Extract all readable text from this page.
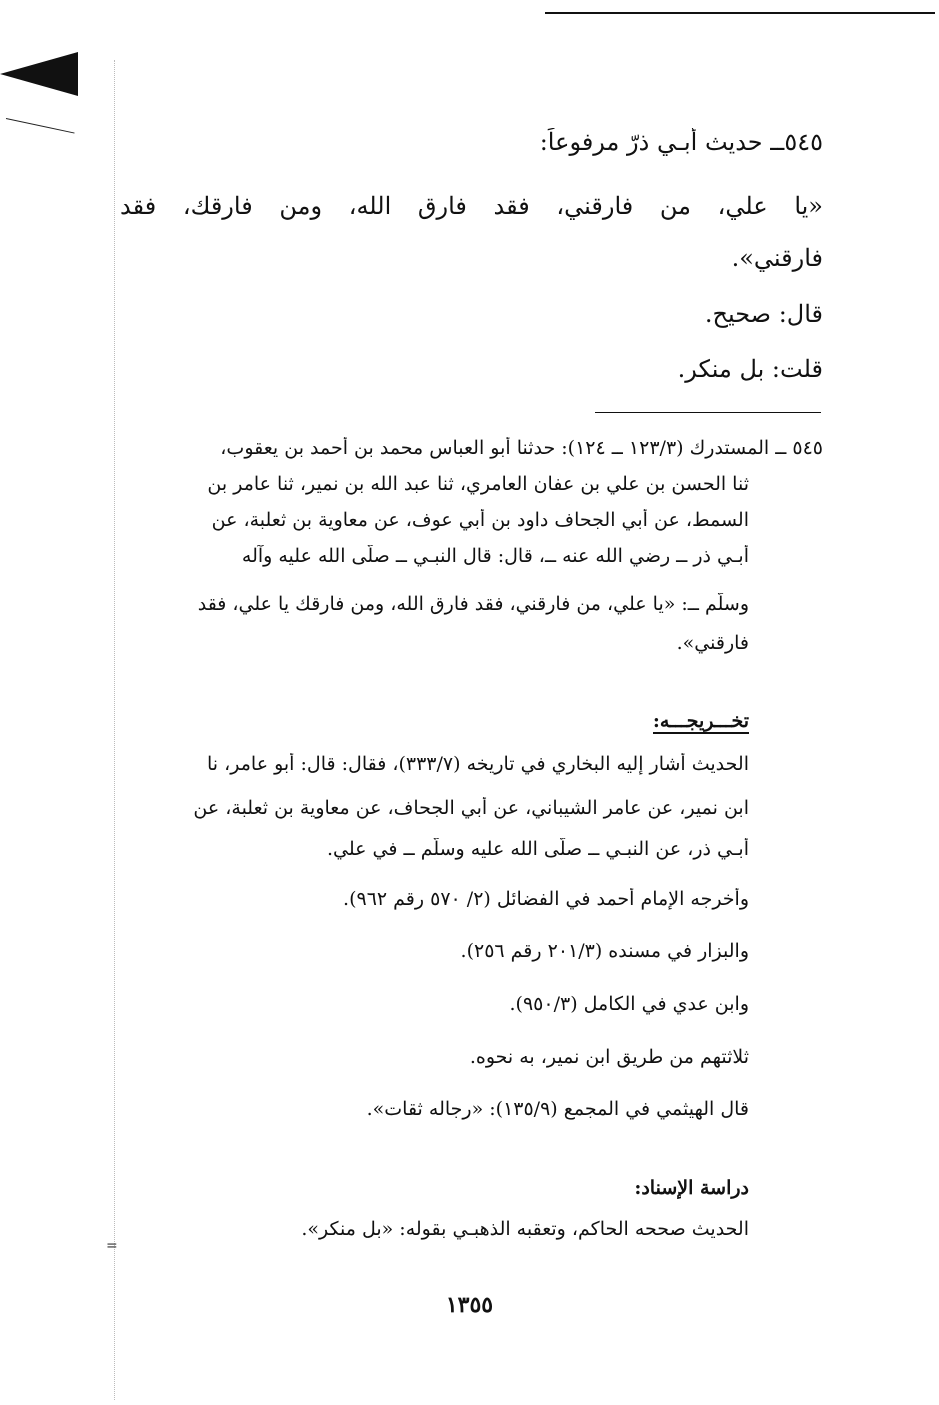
=
٥٤٥ــ حديث أبـي ذرّ مرفوعاً:
«يا علي، من فارقني، فقد فارق الله، ومن فارقك، فقد
فارقني».
قال: صحيح.
قلت: بل منكر.
٥٤٥ ــ المستدرك (١٢٣/٣ ــ ١٢٤): حدثنا أبو العباس محمد بن أحمد بن يعقوب،
ثنا الحسن بن علي بن عفان العامري، ثنا عبد الله بن نمير، ثنا عامر بن
السمط، عن أبي الجحاف داود بن أبي عوف، عن معاوية بن ثعلبة، عن
أبـي ذر ــ رضي الله عنه ــ، قال: قال النبـي ــ صلَّى الله عليه وآله
وسلَّم ــ: «يا علي، من فارقني، فقد فارق الله، ومن فارقك يا علي، فقد
فارقني».
تخـــريجـــه:
الحديث أشار إليه البخاري في تاريخه (٣٣٣/٧)، فقال: قال: أبو عامر، نا
ابن نمير، عن عامر الشيباني، عن أبي الجحاف، عن معاوية بن ثعلبة، عن
أبـي ذر، عن النبـي ــ صلَّى الله عليه وسلَّم ــ في علي.
وأخرجه الإمام أحمد في الفضائل (٢/ ٥٧٠ رقم ٩٦٢).
والبزار في مسنده (٢٠١/٣ رقم ٢٥٦).
وابن عدي في الكامل (٩٥٠/٣).
ثلاثتهم من طريق ابن نمير، به نحوه.
قال الهيثمي في المجمع (١٣٥/٩): «رجاله ثقات».
دراسة الإسناد:
الحديث صححه الحاكم، وتعقبه الذهبـي بقوله: «بل منكر».
١٣٥٥
